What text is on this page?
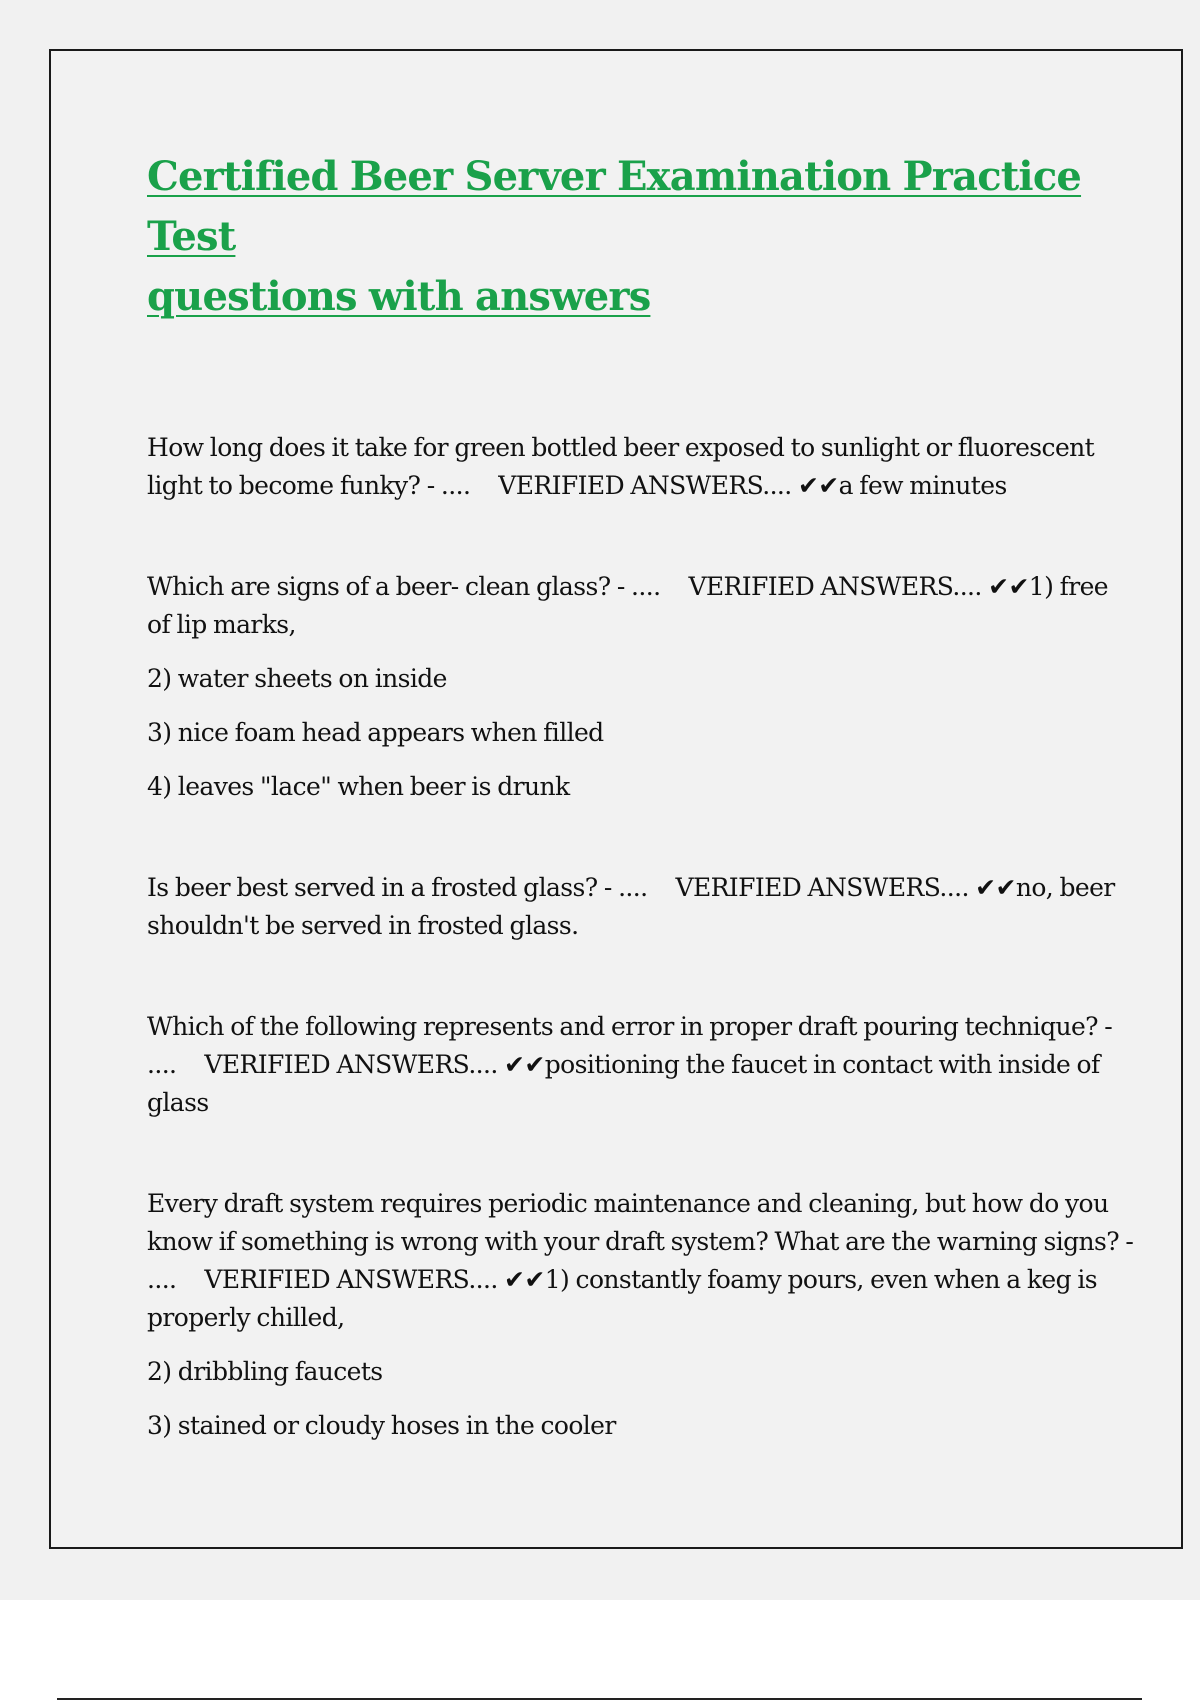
Certified Beer Server Examination Practice Test
questions with answers

How long does it take for green bottled beer exposed to sunlight or fluorescent light to become funky? - .... VERIFIED ANSWERS.... ✔✔a few minutes

Which are signs of a beer- clean glass? - .... VERIFIED ANSWERS.... ✔✔1) free of lip marks,

2) water sheets on inside

3) nice foam head appears when filled

4) leaves "lace" when beer is drunk

Is beer best served in a frosted glass? - .... VERIFIED ANSWERS.... ✔✔no, beer shouldn't be served in frosted glass.

Which of the following represents and error in proper draft pouring technique? - .... VERIFIED ANSWERS.... ✔✔positioning the faucet in contact with inside of glass

Every draft system requires periodic maintenance and cleaning, but how do you know if something is wrong with your draft system? What are the warning signs? - .... VERIFIED ANSWERS.... ✔✔1) constantly foamy pours, even when a keg is properly chilled,

2) dribbling faucets

3) stained or cloudy hoses in the cooler
